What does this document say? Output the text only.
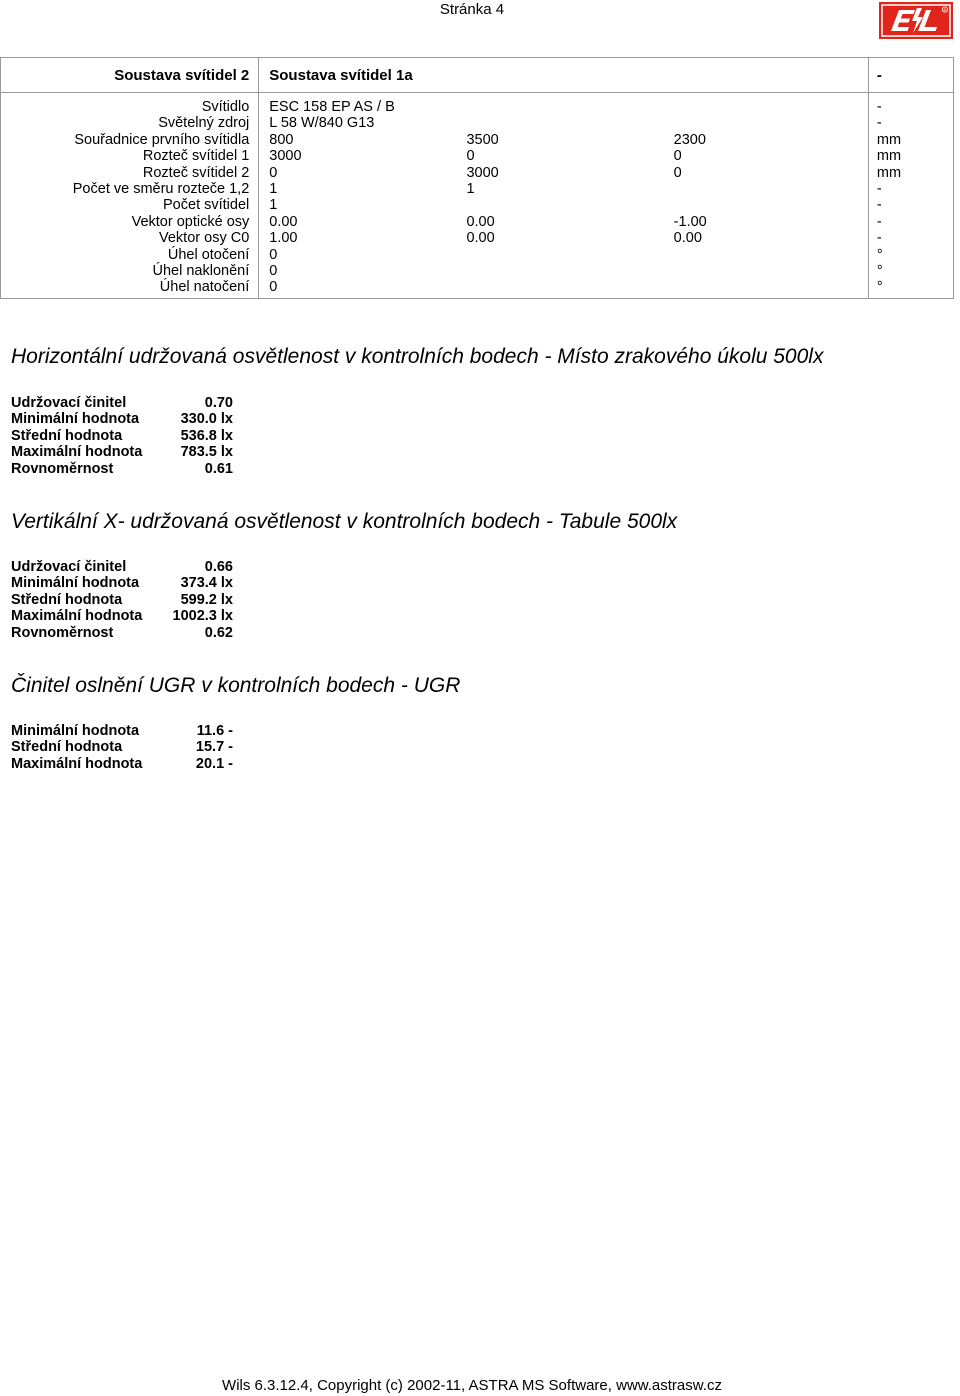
Stránka 4	R
Soustava svítidel 2	Soustava svítidel 1a			-
Svítidlo	ESC 158 EP AS / B			-
Světelný zdroj	L 58 W/840 G13			-
Souřadnice prvního svítidla	800	3500	2300	mm
Rozteč svítidel 1	3000	0	0	mm
Rozteč svítidel 2	0	3000	0	mm
Počet ve směru rozteče 1,2	1	1		-
Počet svítidel	1			-
Vektor optické osy	0.00	0.00	-1.00	-
Vektor osy C0	1.00	0.00	0.00	-
Úhel otočení	0			°
Úhel naklonění	0			°
Úhel natočení	0			°
Horizontální udržovaná osvětlenost v kontrolních bodech - Místo zrakového úkolu 500lx
Udržovací činitel	0.70
Minimální hodnota	330.0 lx
Střední hodnota	536.8 lx
Maximální hodnota	783.5 lx
Rovnoměrnost	0.61
Vertikální X- udržovaná osvětlenost v kontrolních bodech - Tabule 500lx
Udržovací činitel	0.66
Minimální hodnota	373.4 lx
Střední hodnota	599.2 lx
Maximální hodnota	1002.3 lx
Rovnoměrnost	0.62
Činitel oslnění UGR v kontrolních bodech - UGR
Minimální hodnota	11.6 -
Střední hodnota	15.7 -
Maximální hodnota	20.1 -
Wils 6.3.12.4, Copyright (c) 2002-11, ASTRA MS Software, www.astrasw.cz
